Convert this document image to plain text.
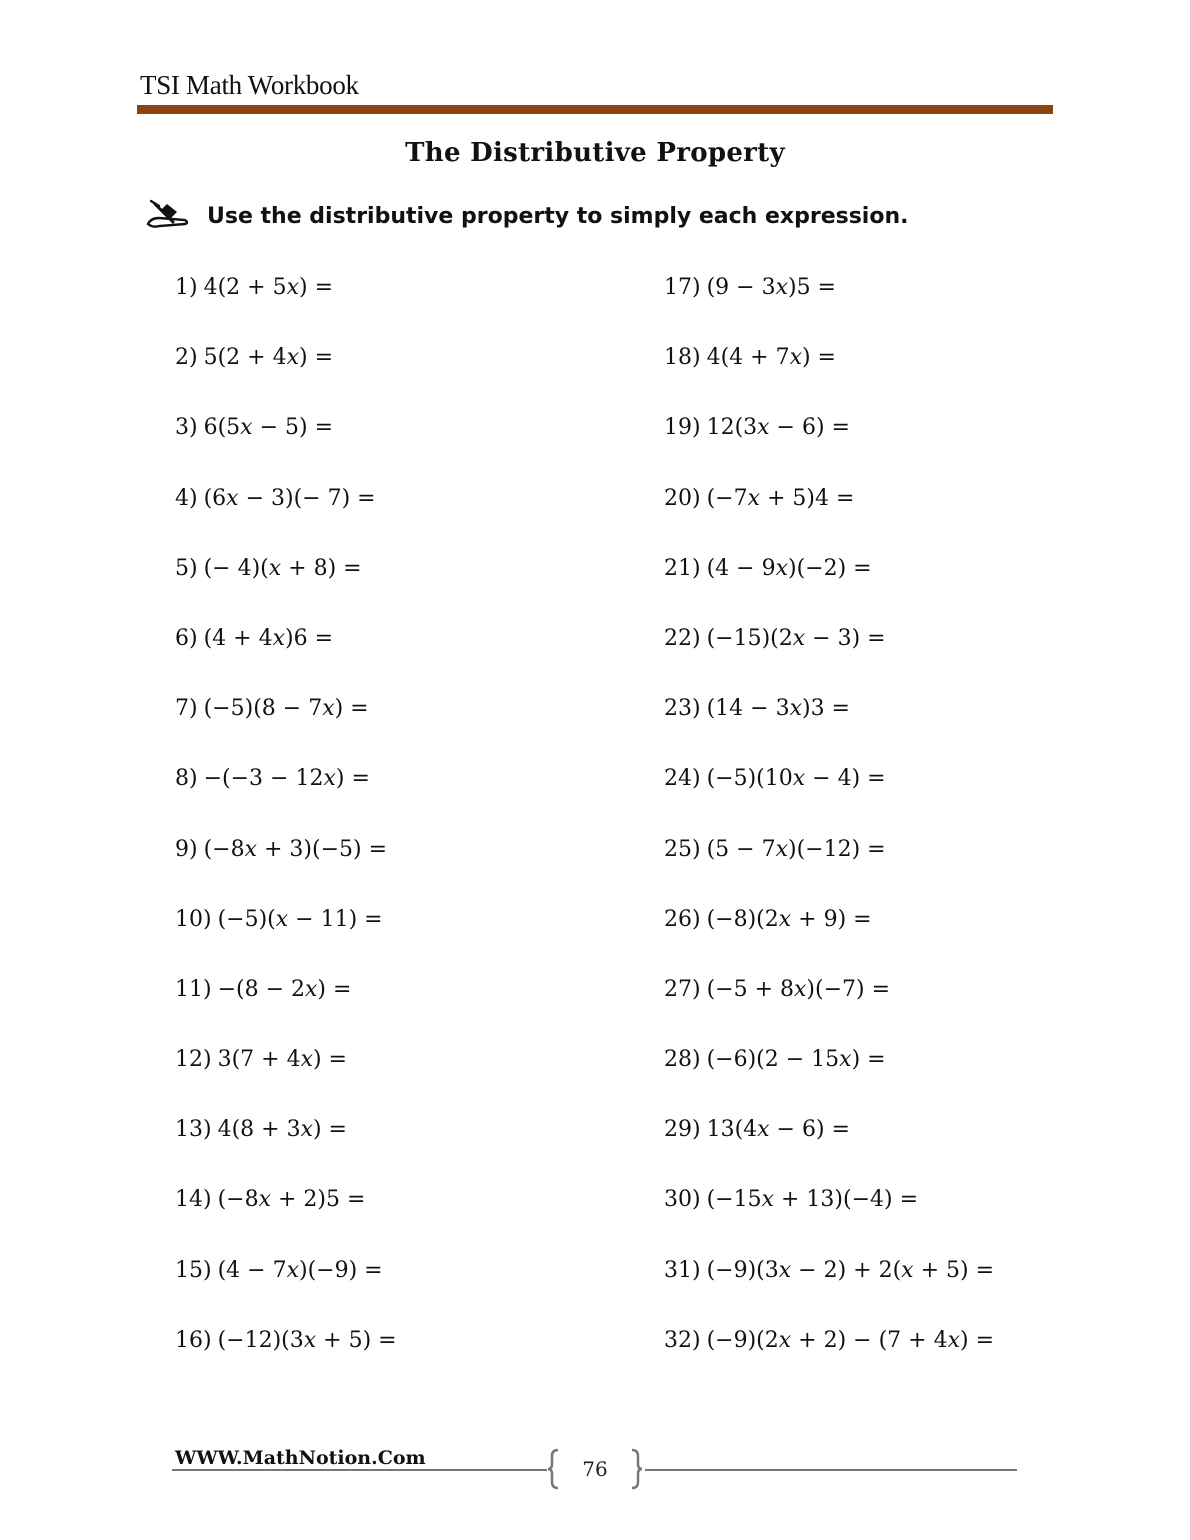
TSI Math Workbook
The Distributive Property
Use the distributive property to simply each expression.
1) 4(2 + 5𝑥) =
2) 5(2 + 4𝑥) =
3) 6(5𝑥 − 5) =
4) (6𝑥 − 3)(− 7) =
5) (− 4)(𝑥 + 8) =
6) (4 + 4𝑥)6 =
7) (−5)(8 − 7𝑥) =
8) −(−3 − 12𝑥) =
9) (−8𝑥 + 3)(−5) =
10) (−5)(𝑥 − 11) =
11) −(8 − 2𝑥) =
12) 3(7 + 4𝑥) =
13) 4(8 + 3𝑥) =
14) (−8𝑥 + 2)5 =
15) (4 − 7𝑥)(−9) =
16) (−12)(3𝑥 + 5) =
17) (9 − 3𝑥)5 =
18) 4(4 + 7𝑥) =
19) 12(3𝑥 − 6) =
20) (−7𝑥 + 5)4 =
21) (4 − 9𝑥)(−2) =
22) (−15)(2𝑥 − 3) =
23) (14 − 3𝑥)3 =
24) (−5)(10𝑥 − 4) =
25) (5 − 7𝑥)(−12) =
26) (−8)(2𝑥 + 9) =
27) (−5 + 8𝑥)(−7) =
28) (−6)(2 − 15𝑥) =
29) 13(4𝑥 − 6) =
30) (−15𝑥 + 13)(−4) =
31) (−9)(3𝑥 − 2) + 2(𝑥 + 5) =
32) (−9)(2𝑥 + 2) − (7 + 4𝑥) =
WWW.MathNotion.Com	76
